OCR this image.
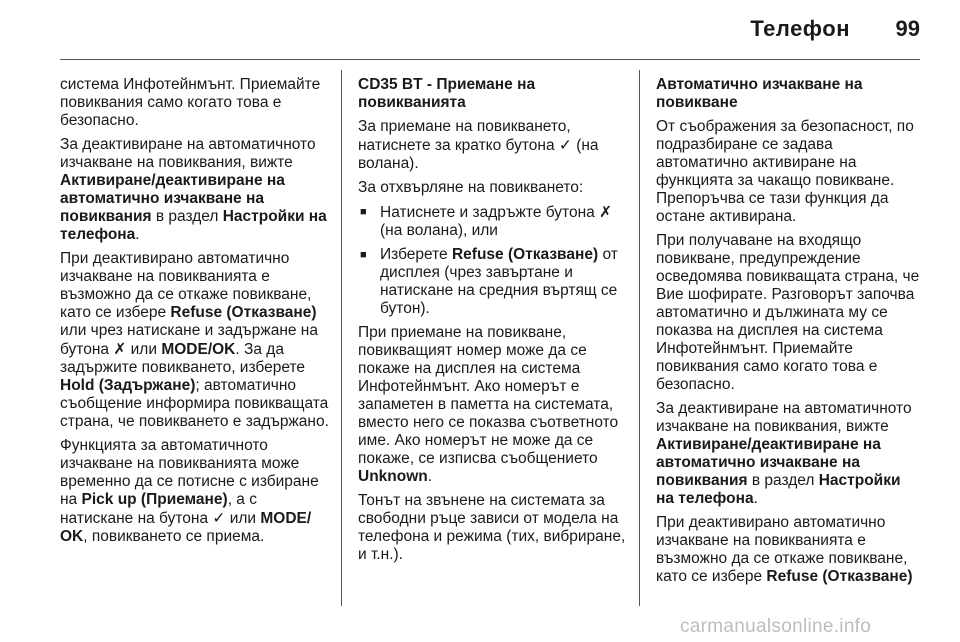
Телефон	99

система Инфотейнмънт. Приемайте повиквания само когато това е безопасно.

За деактивиране на автоматичното изчакване на повиквания, вижте Активиране/деактивиране на автоматично изчакване на повиквания в раздел Настройки на телефона.

При деактивирано автоматично изчакване на повикванията е възможно да се откаже повикване, като се избере Refuse (Отказване) или чрез натискане и задържане на бутона ✗ или MODE/OK. За да задържите повикването, изберете Hold (Задържане); автоматично съобщение информира повикващата страна, че повикването е задържано.

Функцията за автоматичното изчакване на повикванията може временно да се потисне с избиране на Pick up (Приемане), а с натискане на бутона ✓ или MODE/ OK, повикването се приема.

CD35 BT - Приемане на повикванията

За приемане на повикването, натиснете за кратко бутона ✓ (на волана).

За отхвърляне на повикването:

■ Натиснете и задръжте бутона ✗ (на волана), или
■ Изберете Refuse (Отказване) от дисплея (чрез завъртане и натискане на средния въртящ се бутон).

При приемане на повикване, повикващият номер може да се покаже на дисплея на система Инфотейнмънт. Ако номерът е запаметен в паметта на системата, вместо него се показва съответното име. Ако номерът не може да се покаже, се изписва съобщението Unknown.

Тонът на звънене на системата за свободни ръце зависи от модела на телефона и режима (тих, вибриране, и т.н.).

Автоматично изчакване на повикване

От съображения за безопасност, по подразбиране се задава автоматично активиране на функцията за чакащо повикване. Препоръчва се тази функция да остане активирана.

При получаване на входящо повикване, предупреждение осведомява повикващата страна, че Вие шофирате. Разговорът започва автоматично и дължината му се показва на дисплея на система Инфотейнмънт. Приемайте повиквания само когато това е безопасно.

За деактивиране на автоматичното изчакване на повиквания, вижте Активиране/деактивиране на автоматично изчакване на повиквания в раздел Настройки на телефона.

При деактивирано автоматично изчакване на повикванията е възможно да се откаже повикване, като се избере Refuse (Отказване)

carmanualsonline.info
